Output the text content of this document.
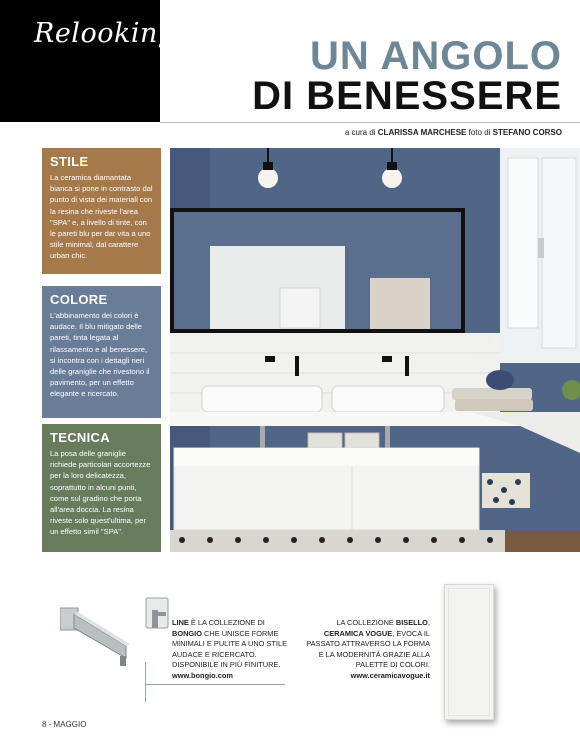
Relooking
UN ANGOLO
DI BENESSERE
a cura di CLARISSA MARCHESE foto di STEFANO CORSO
STILE
La ceramica diamantata bianca si pone in contrasto dal punto di vista dei materiali con la resina che riveste l'area "SPA" e, a livello di tinte, con le pareti blu per dar vita a uno stile minimal, dal carattere urban chic.
COLORE
L'abbinamento dei colori è audace. Il blu mitigato delle pareti, tinta legata al rilassamento e al benessere, si incontra con i dettagli neri delle graniglie che rivestono il pavimento, per un effetto elegante e ricercato.
TECNICA
La posa delle graniglie richiede particolari accortezze per la loro delicatezza, soprattutto in alcuni punti, come sul gradino che porta all'area doccia. La resina riveste solo quest'ultima, per un effetto simil "SPA".
LINE È LA COLLEZIONE DI
BONGIO CHE UNISCE FORME MINIMALI E PULITE A UNO STILE AUDACE E RICERCATO. DISPONIBILE IN PIÙ FINITURE.
www.bongio.com
LA COLLEZIONE BISELLO,
CERAMICA VOGUE, EVOCA IL PASSATO ATTRAVERSO LA FORMA E LA MODERNITÀ GRAZIE ALLA PALETTE DI COLORI.
www.ceramicavogue.it
8 - MAGGIO
